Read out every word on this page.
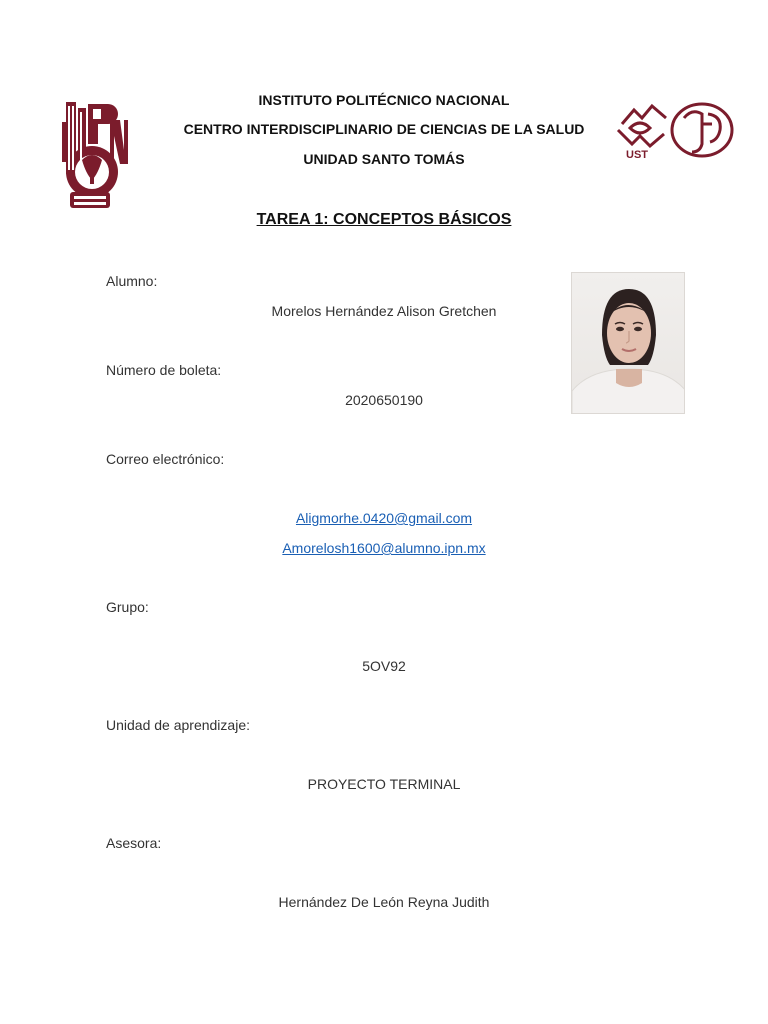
UST
INSTITUTO POLITÉCNICO NACIONAL
CENTRO INTERDISCIPLINARIO DE CIENCIAS DE LA SALUD
UNIDAD SANTO TOMÁS
TAREA 1: CONCEPTOS BÁSICOS
Alumno:
Morelos Hernández Alison Gretchen
Número de boleta:
2020650190
Correo electrónico:
Aligmorhe.0420@gmail.com
Amorelosh1600@alumno.ipn.mx
Grupo:
5OV92
Unidad de aprendizaje:
PROYECTO TERMINAL
Asesora:
Hernández De León Reyna Judith
